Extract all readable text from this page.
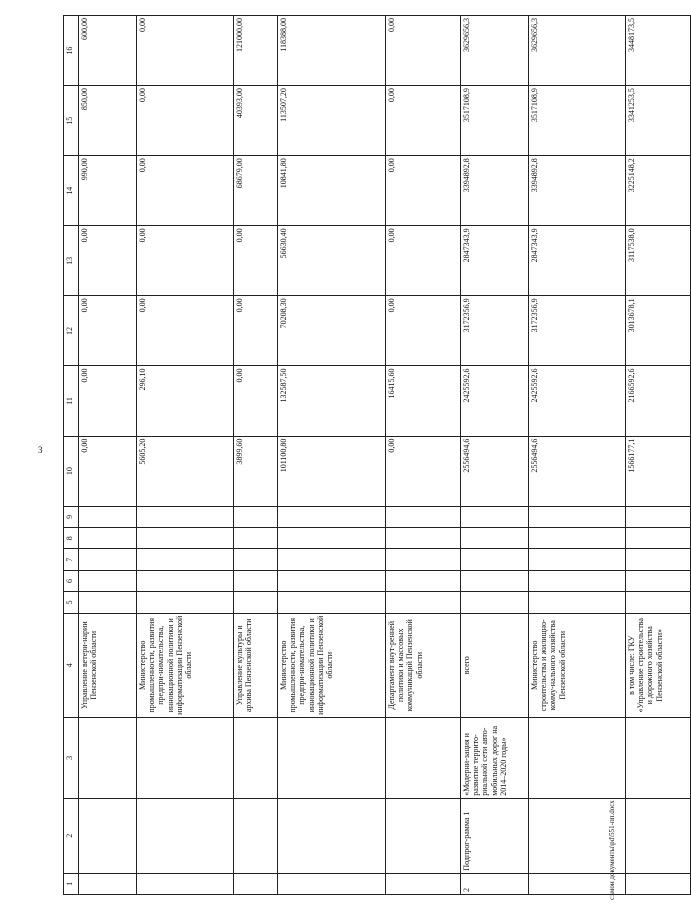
3
1	2	3	4	5	6	7	8	9	10	11	12	13	14	15	16
			Управление ветери-нарии Пензенской области						0,00	0,00	0,00	0,00	990,00	850,00	600,00
			Министерство промышленности, развития предпри-нимательства, инновационной политики и информатизации Пензенской области						5605,20	296,10	0,00	0,00	0,00	0,00	0,00
			Управление культуры и архива Пензенской области						3899,60	0,00	0,00	0,00	68679,00	40393,00	121000,00
			Министерство промышленности, развития предпри-нимательства, инновационной политики и информатизации Пензенской области						101100,80	132587,50	70208,30	56630,40	10841,80	113507,20	118388,00
			Департамент внут-ренней политики и массовых коммуникаций Пензенской области						0,00	16415,60	0,00	0,00	0,00	0,00	0,00
2	Подпрог-рамма 1	«Модерни-зация и развитие террито-риальной сети авто-мобильных дорог на 2014–2020 годы»	всего						2556494,6	2425592,6	3172356,9	2847343,9	3394892,8	3517108,9	3629656,3
			Министерство строительства и жилищно-комму-нального хозяйства Пензенской области						2556494,6	2425592,6	3172356,9	2847343,9	3394892,8	3517108,9	3629656,3
			в том числе: ГКУ «Управление строительства и дорожного хозяйства Пензенской области»						1566177,1	2166592,6	3013678,1	3117538,0	3225148,2	3341253,5	3448173,5
c:\мои документы\pd\551-пп.docx
